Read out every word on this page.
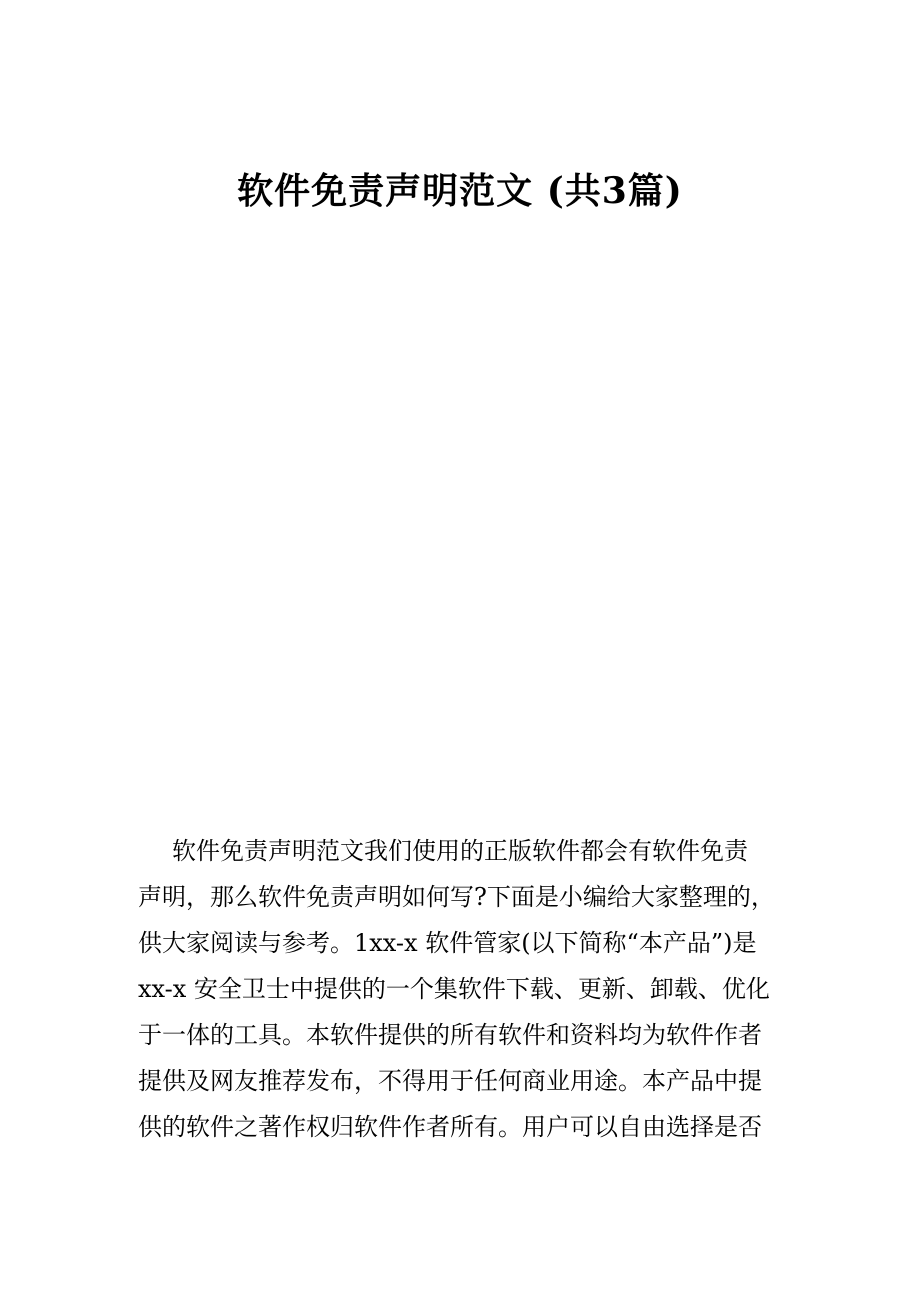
软件免责声明范文 (共3篇)
软件免责声明范文我们使用的正版软件都会有软件免责
声明，那么软件免责声明如何写?下面是小编给大家整理的，
供大家阅读与参考。1xx-x 软件管家(以下简称“本产品”)是
xx-x 安全卫士中提供的一个集软件下载、更新、卸载、优化
于一体的工具。本软件提供的所有软件和资料均为软件作者
提供及网友推荐发布，不得用于任何商业用途。本产品中提
供的软件之著作权归软件作者所有。用户可以自由选择是否
